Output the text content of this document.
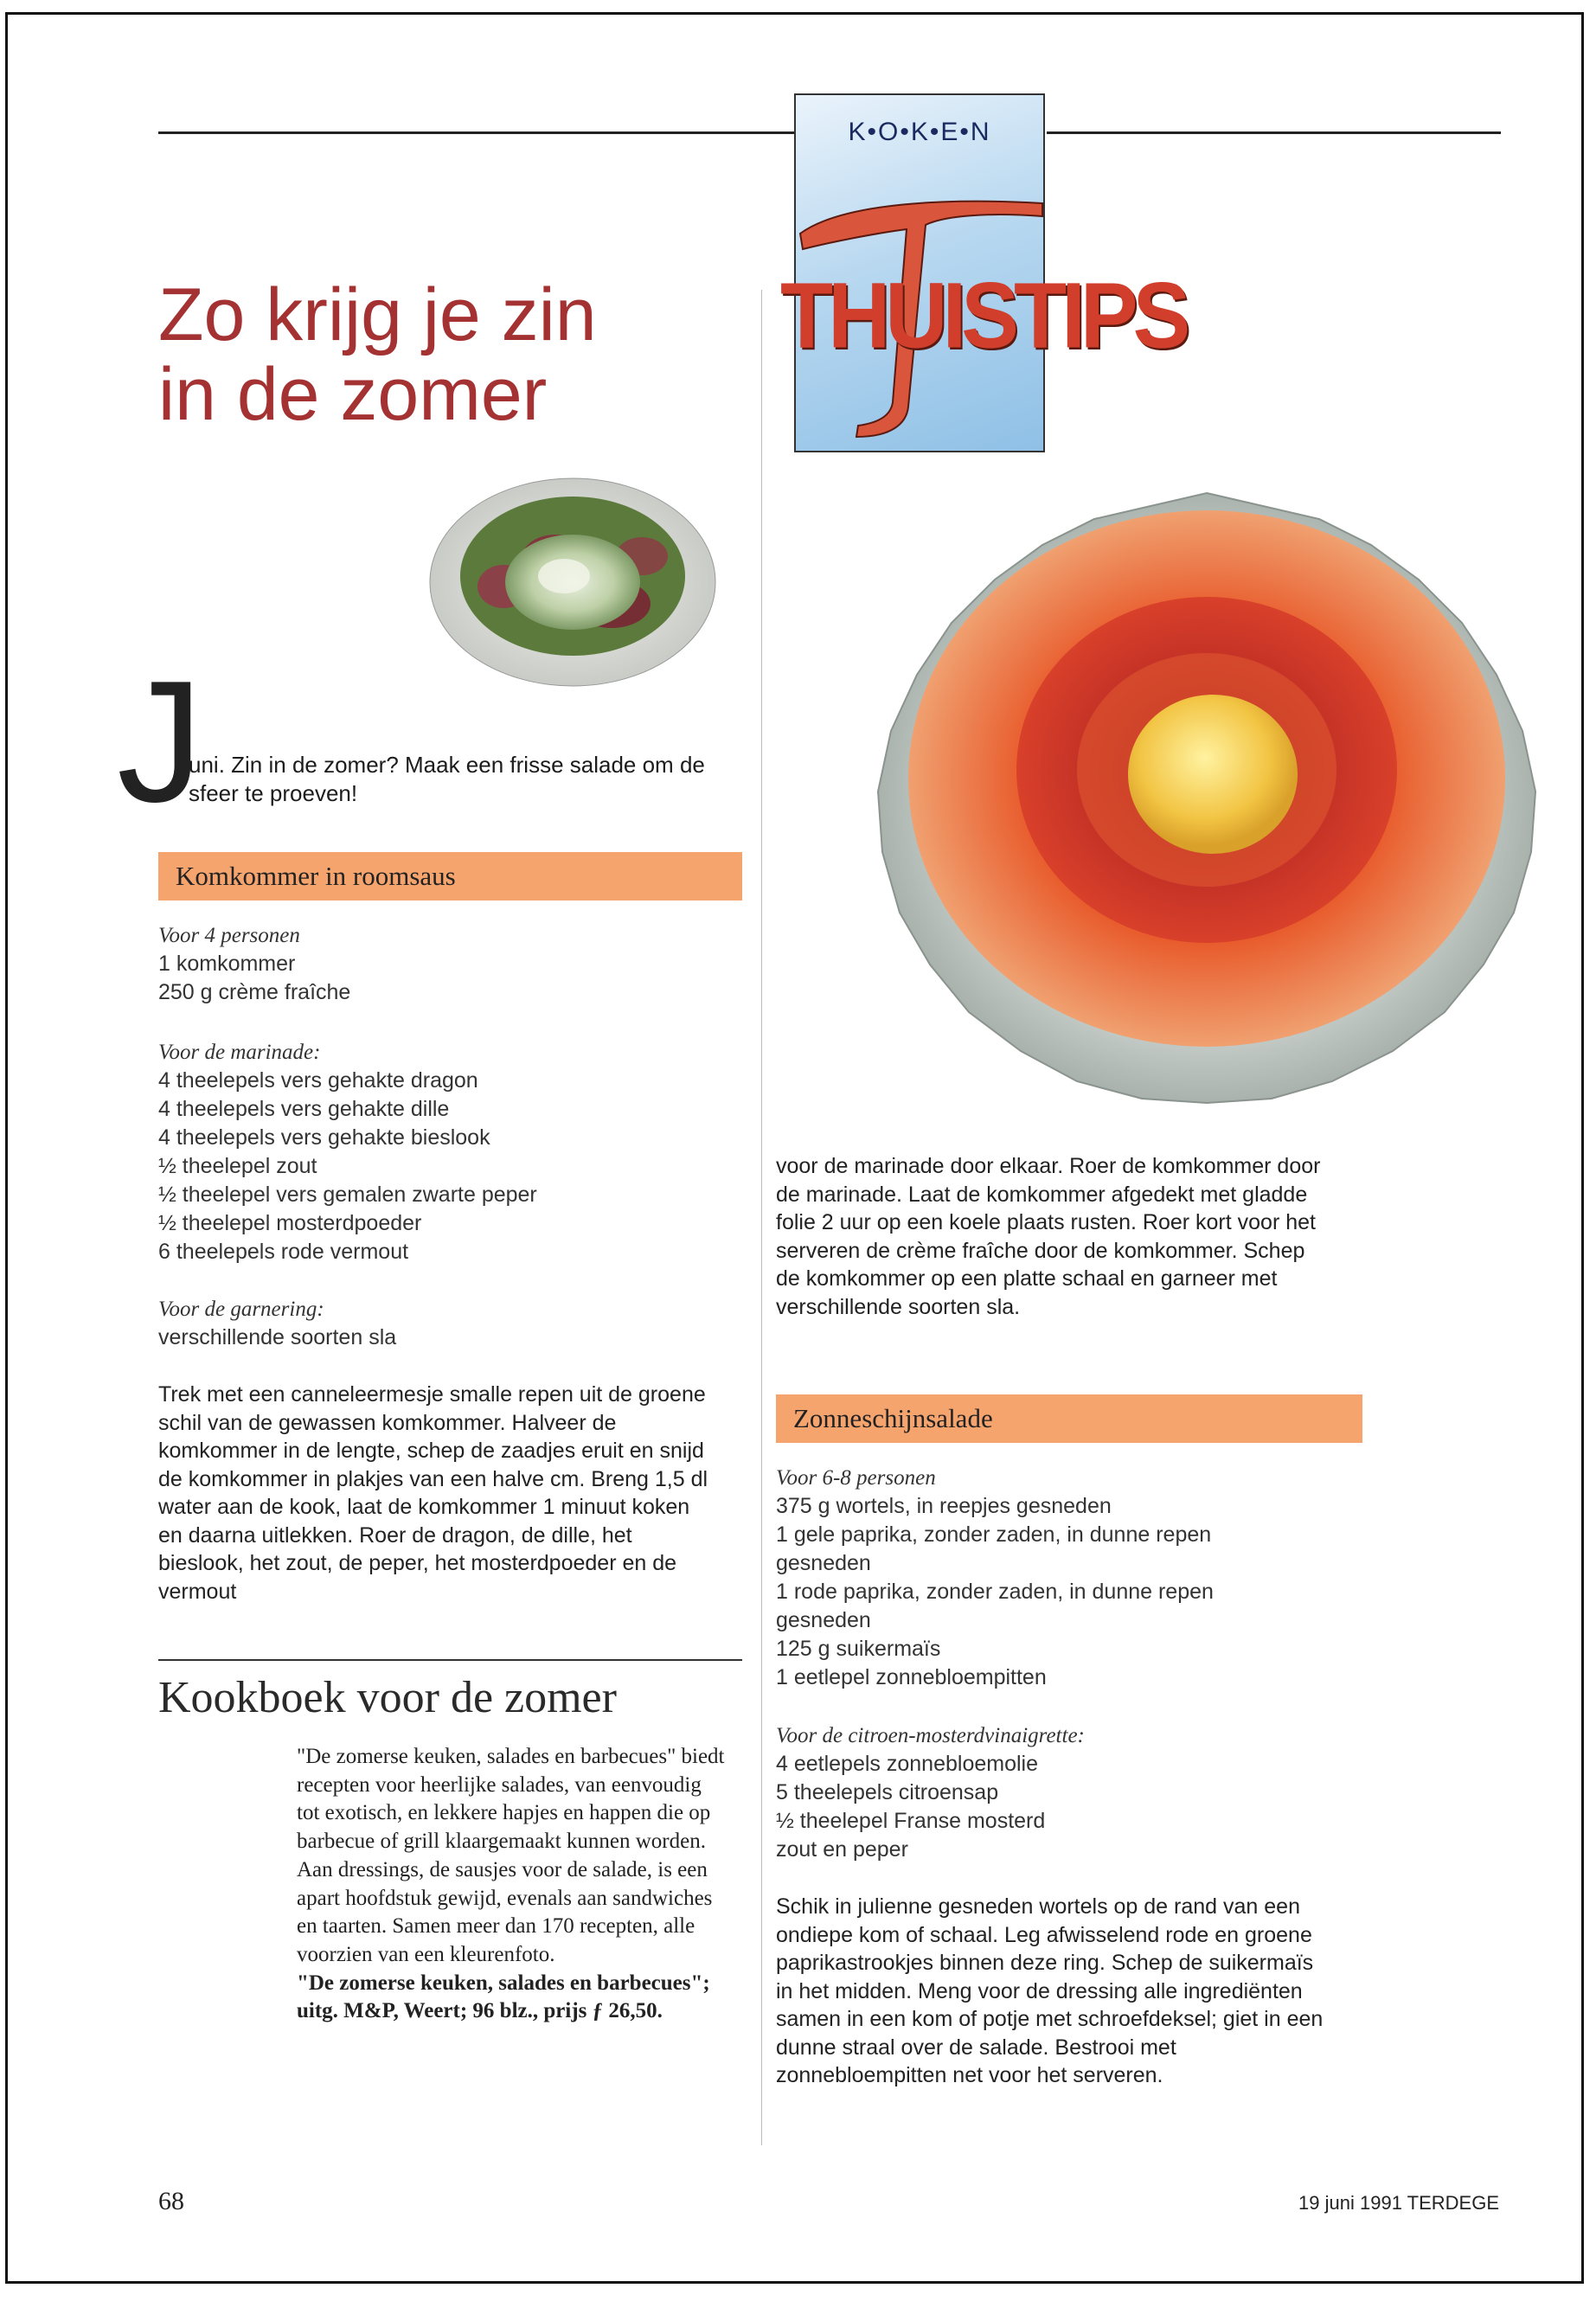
K•O•K•E•N
THUISTIPS
Zo krijg je zin
in de zomer
J
uni. Zin in de zomer? Maak een frisse salade om de sfeer te proeven!
Komkommer in roomsaus
Voor 4 personen
1 komkommer
250 g crème fraîche
Voor de marinade:
4 theelepels vers gehakte dragon
4 theelepels vers gehakte dille
4 theelepels vers gehakte bieslook
½ theelepel zout
½ theelepel vers gemalen zwarte peper
½ theelepel mosterdpoeder
6 theelepels rode vermout
Voor de garnering:
verschillende soorten sla
Trek met een canneleermesje smalle repen uit de groene schil van de gewassen komkommer. Halveer de komkommer in de lengte, schep de zaadjes eruit en snijd de komkommer in plakjes van een halve cm. Breng 1,5 dl water aan de kook, laat de komkommer 1 minuut koken en daarna uitlekken. Roer de dragon, de dille, het bieslook, het zout, de peper, het mosterdpoeder en de vermout
voor de marinade door elkaar. Roer de komkommer door de marinade. Laat de komkommer afgedekt met gladde folie 2 uur op een koele plaats rusten. Roer kort voor het serveren de crème fraîche door de komkommer. Schep de komkommer op een platte schaal en garneer met verschillende soorten sla.
Kookboek voor de zomer
"De zomerse keuken, salades en barbecues" biedt recepten voor heerlijke salades, van eenvoudig tot exotisch, en lekkere hapjes en happen die op barbecue of grill klaargemaakt kunnen worden.
Aan dressings, de sausjes voor de salade, is een apart hoofdstuk gewijd, evenals aan sandwiches en taarten. Samen meer dan 170 recepten, alle voorzien van een kleurenfoto.
"De zomerse keuken, salades en barbecues"; uitg. M&P, Weert; 96 blz., prijs ƒ 26,50.
Zonneschijnsalade
Voor 6-8 personen
375 g wortels, in reepjes gesneden
1 gele paprika, zonder zaden, in dunne repen
gesneden
1 rode paprika, zonder zaden, in dunne repen
gesneden
125 g suikermaïs
1 eetlepel zonnebloempitten
Voor de citroen-mosterdvinaigrette:
4 eetlepels zonnebloemolie
5 theelepels citroensap
½ theelepel Franse mosterd
zout en peper
Schik in julienne gesneden wortels op de rand van een ondiepe kom of schaal. Leg afwisselend rode en groene paprikastrookjes binnen deze ring. Schep de suikermaïs in het midden. Meng voor de dressing alle ingrediënten samen in een kom of potje met schroefdeksel; giet in een dunne straal over de salade. Bestrooi met zonnebloempitten net voor het serveren.
68	19 juni 1991 TERDEGE
